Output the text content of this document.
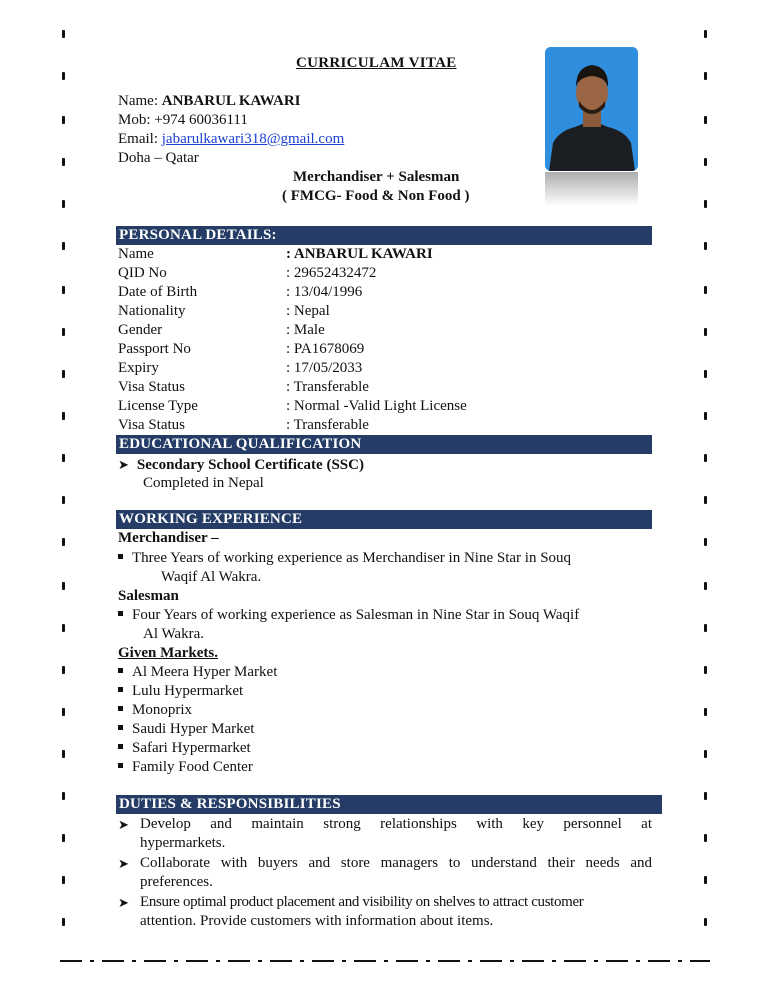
CURRICULAM VITAE
Name: ANBARUL KAWARI
Mob: +974 60036111
Email: jabarulkawari318@gmail.com
Doha – Qatar
Merchandiser + Salesman
( FMCG- Food & Non Food )
PERSONAL DETAILS:
Name	: ANBARUL KAWARI
QID No	: 29652432472
Date of Birth	: 13/04/1996
Nationality	: Nepal
Gender	: Male
Passport No	: PA1678069
Expiry	: 17/05/2033
Visa Status	: Transferable
License Type	: Normal -Valid Light License
Visa Status	: Transferable
EDUCATIONAL QUALIFICATION
➤ Secondary School Certificate (SSC)
Completed in Nepal
WORKING EXPERIENCE
Merchandiser –
Three Years of working experience as Merchandiser in Nine Star in Souq
Waqif Al Wakra.
Salesman
Four Years of working experience as Salesman in Nine Star in Souq Waqif
Al Wakra.
Given Markets.
Al Meera Hyper Market
Lulu Hypermarket
Monoprix
Saudi Hyper Market
Safari Hypermarket
Family Food Center
DUTIES & RESPONSIBILITIES
➤ Develop and maintain strong relationships with key personnel at
hypermarkets.
➤ Collaborate with buyers and store managers to understand their needs and
preferences.
➤ Ensure optimal product placement and visibility on shelves to attract customer
attention. Provide customers with information about items.
